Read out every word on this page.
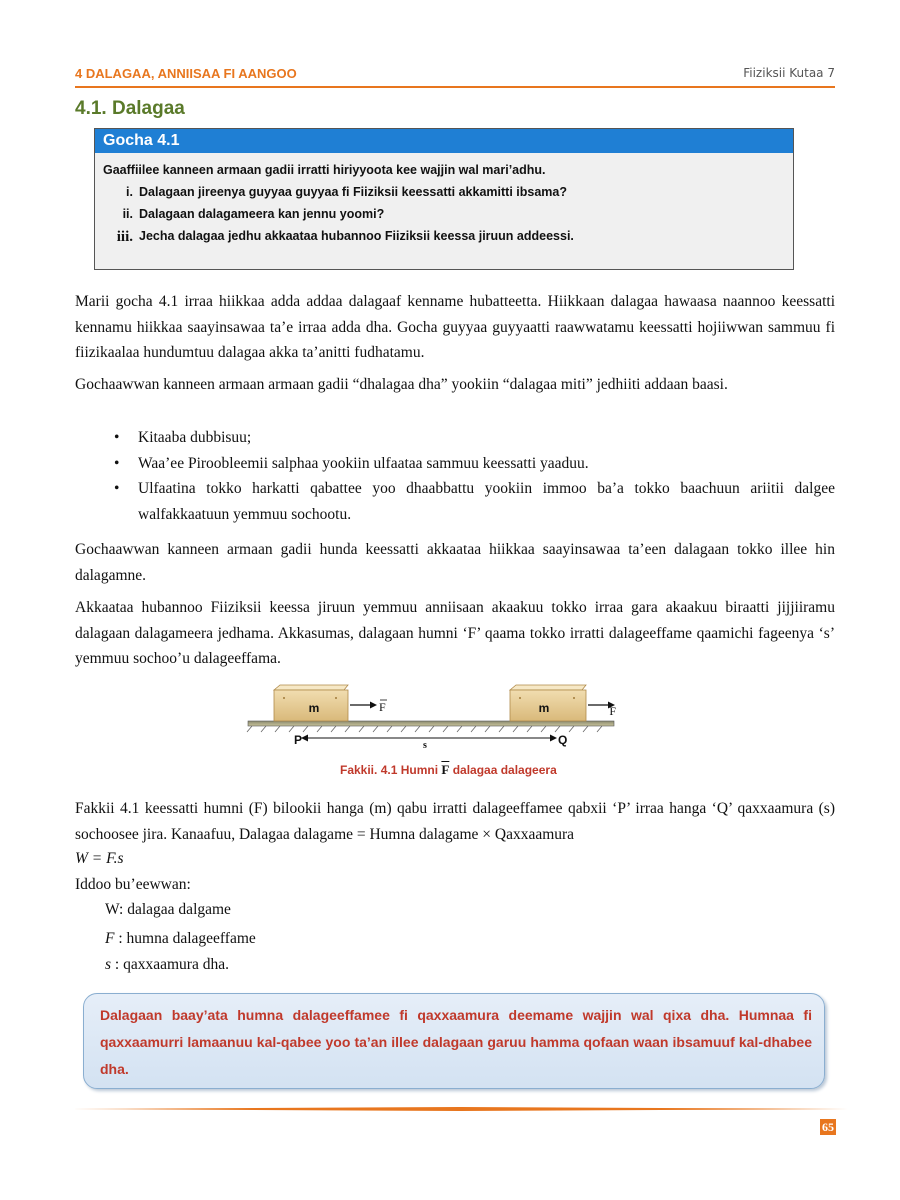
4 DALAGAA, ANNIISAA FI AANGOO	Fiiziksii Kutaa 7
4.1. Dalagaa
Gocha 4.1
Gaaffiilee kanneen armaan gadii irratti hiriyyoota kee wajjin wal mari’adhu.
i. Dalagaan jireenya guyyaa guyyaa fi Fiiziksii keessatti akkamitti ibsama?
ii. Dalagaan dalagameera kan jennu yoomi?
iii. Jecha dalagaa jedhu akkaataa hubannoo Fiiziksii keessa jiruun addeessi.

Marii gocha 4.1 irraa hiikkaa adda addaa dalagaaf kenname hubatteetta. Hiikkaan dalagaa hawaasa naannoo keessatti kennamu hiikkaa saayinsawaa ta’e irraa adda dha. Gocha guyyaa guyyaatti raawwatamu keessatti hojiiwwan sammuu fi fiizikaalaa hundumtuu dalagaa akka ta’anitti fudhatamu.

Gochaawwan kanneen armaan armaan gadii “dhalagaa dha” yookiin “dalagaa miti” jedhiiti addaan baasi.

• Kitaaba dubbisuu;
• Waa’ee Piroobleemii salphaa yookiin ulfaataa sammuu keessatti yaaduu.
• Ulfaatina tokko harkatti qabattee yoo dhaabbattu yookiin immoo ba’a tokko baachuun ariitii dalgee walfakkaatuun yemmuu sochootu.

Gochaawwan kanneen armaan gadii hunda keessatti akkaataa hiikkaa saayinsawaa ta’een dalagaan tokko illee hin dalagamne.

Akkaataa hubannoo Fiiziksii keessa jiruun yemmuu anniisaan akaakuu tokko irraa gara akaakuu biraatti jijjiiramu dalagaan dalagameera jedhama. Akkasumas, dalagaan humni ‘F’ qaama tokko irratti dalageeffame qaamichi fageenya ‘s’ yemmuu sochoo’u dalageeffama.

m	F	m	F
P	Q
s
Fakkii. 4.1 Humni $\overline{F}$ dalagaa dalageera

Fakkii 4.1 keessatti humni (F) bilookii hanga (m) qabu irratti dalageeffamee qabxii ‘P’ irraa hanga ‘Q’ qaxxaamura (s) sochoosee jira. Kanaafuu, Dalagaa dalagame = Humna dalagame × Qaxxaamura

W = F.s
Iddoo bu’eewwan:
W: dalagaa dalgame
F : humna dalageeffame
s : qaxxaamura dha.
Dalagaan baay’ata humna dalageeffamee fi qaxxaamura deemame wajjin wal qixa dha. Humnaa fi qaxxaamurri lamaanuu kal-qabee yoo ta’an illee dalagaan garuu hamma qofaan waan ibsamuuf kal-dhabee dha.
65
